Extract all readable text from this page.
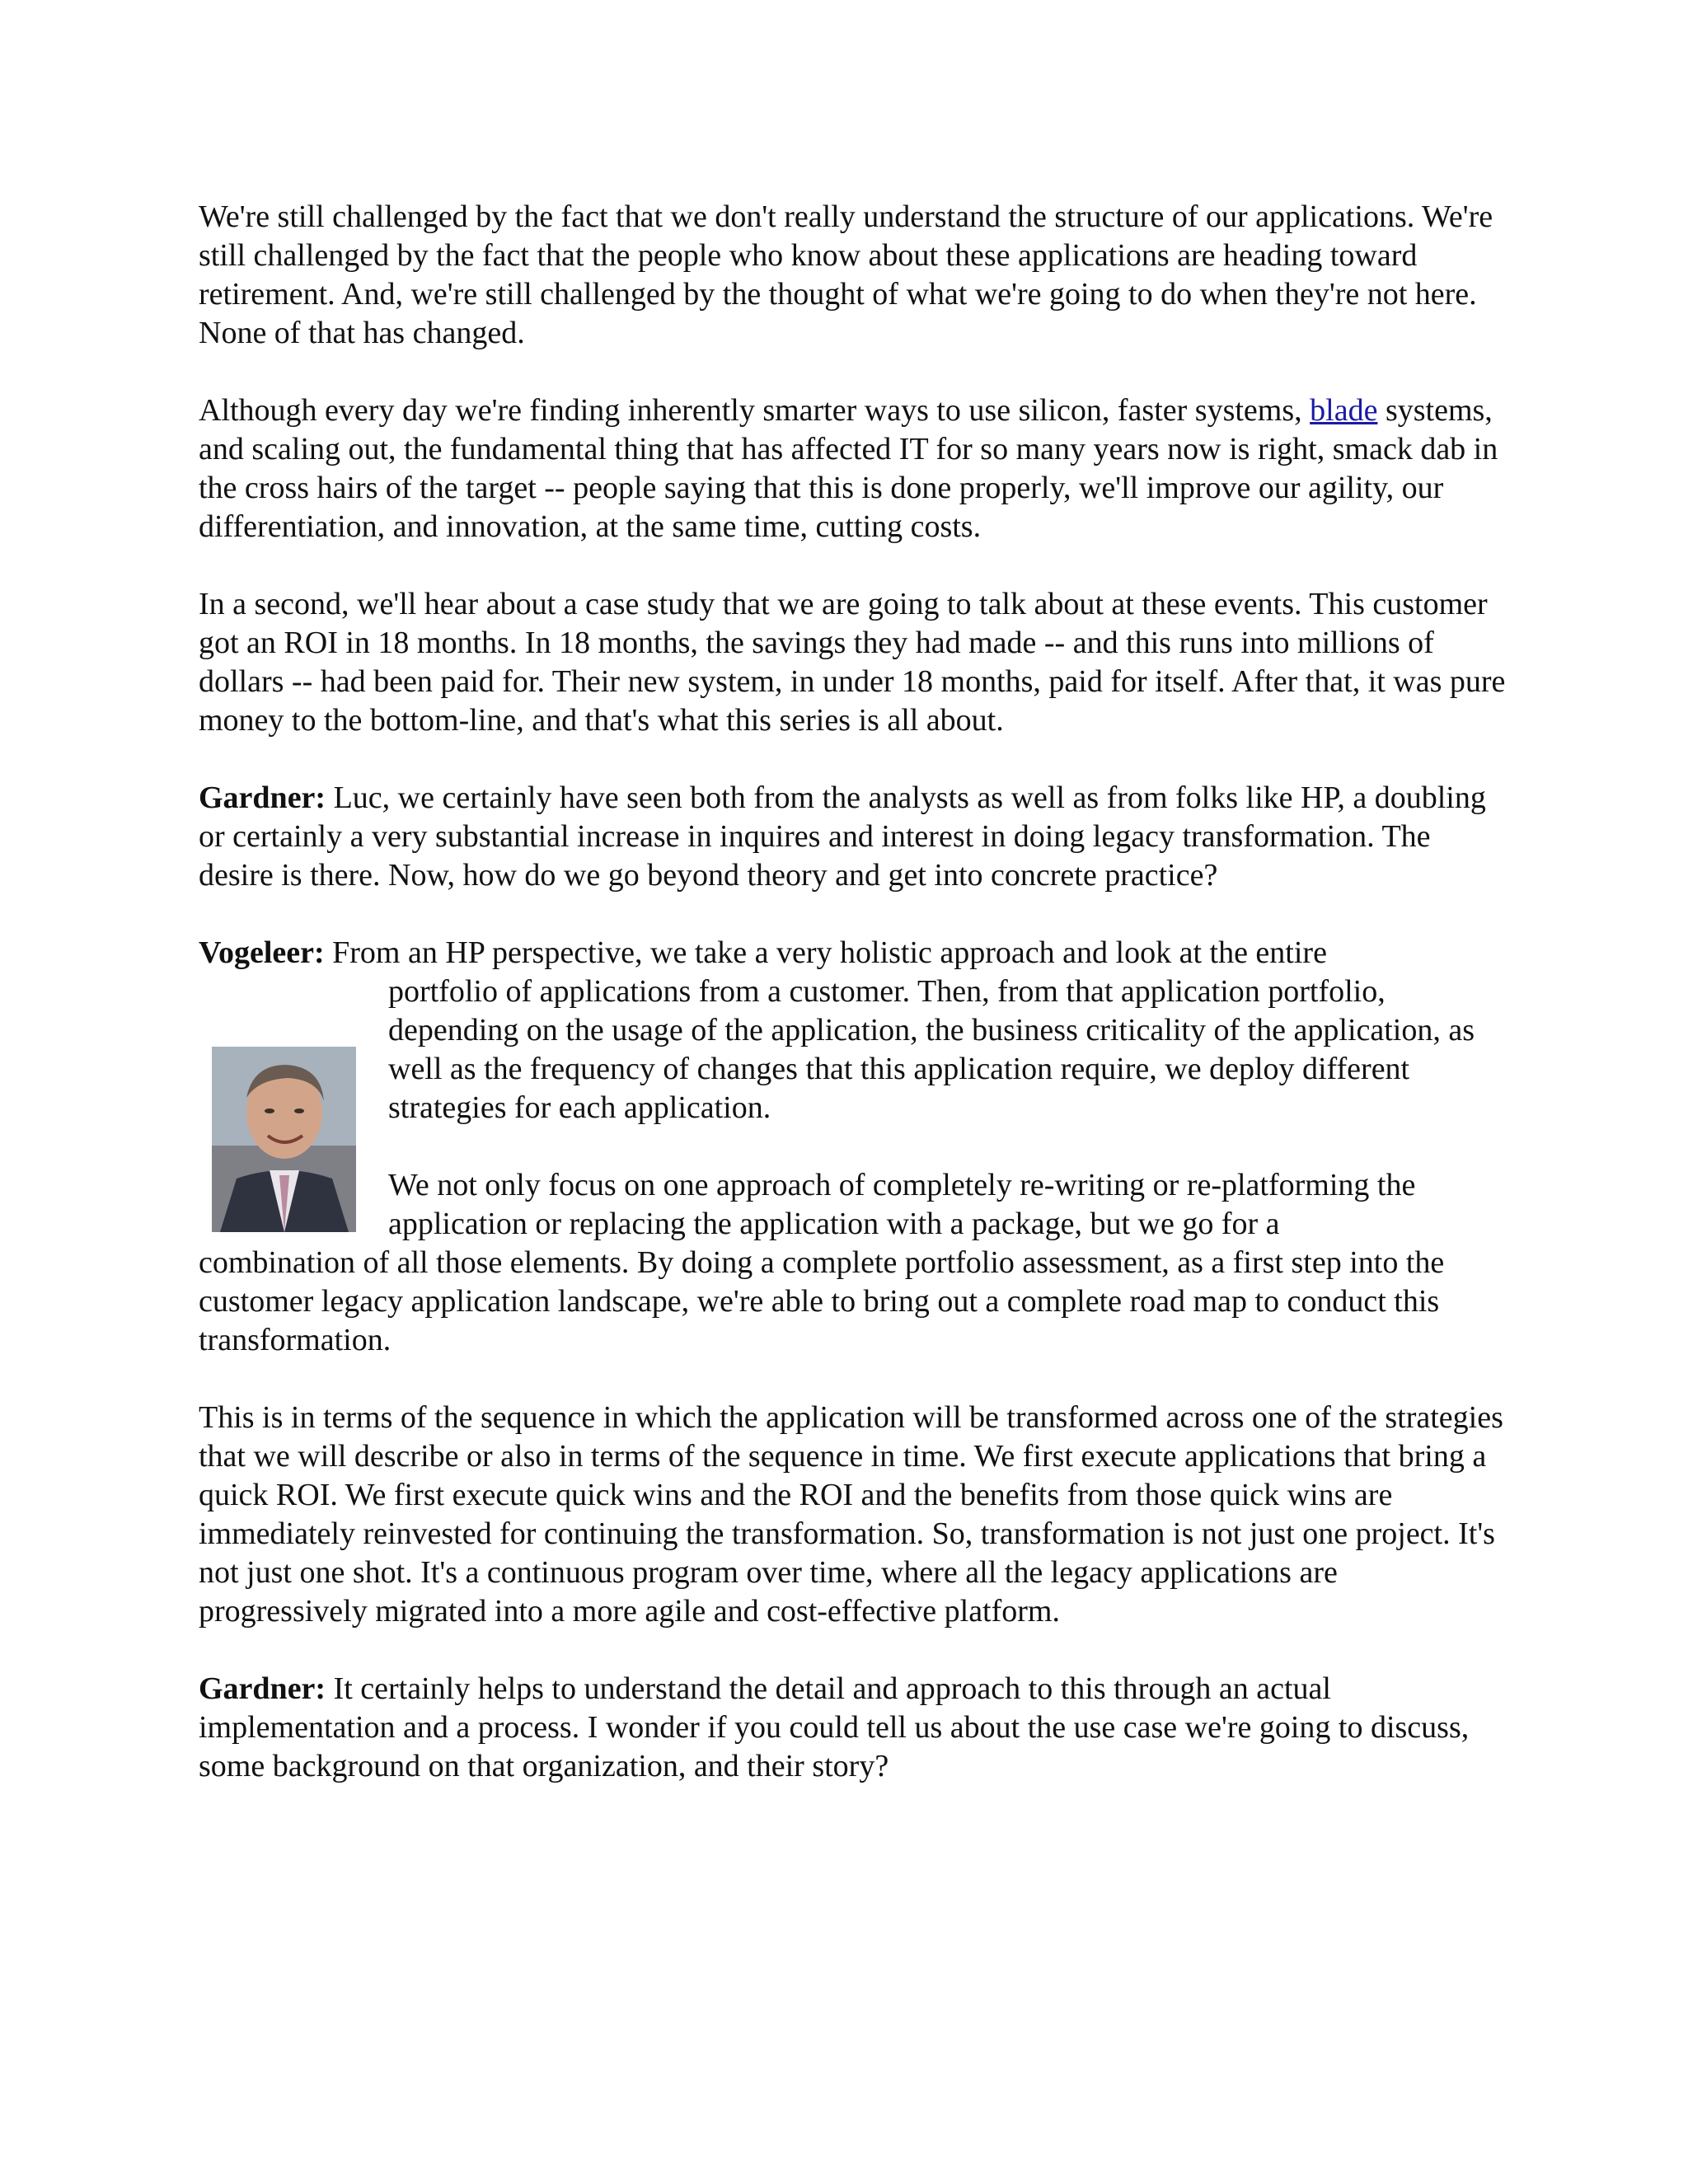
We're still challenged by the fact that we don't really understand the structure of our applications. We're still challenged by the fact that the people who know about these applications are heading toward retirement. And, we're still challenged by the thought of what we're going to do when they're not here. None of that has changed.

Although every day we're finding inherently smarter ways to use silicon, faster systems, blade systems, and scaling out, the fundamental thing that has affected IT for so many years now is right, smack dab in the cross hairs of the target -- people saying that this is done properly, we'll improve our agility, our differentiation, and innovation, at the same time, cutting costs.

In a second, we'll hear about a case study that we are going to talk about at these events. This customer got an ROI in 18 months. In 18 months, the savings they had made -- and this runs into millions of dollars -- had been paid for. Their new system, in under 18 months, paid for itself. After that, it was pure money to the bottom-line, and that's what this series is all about.

Gardner: Luc, we certainly have seen both from the analysts as well as from folks like HP, a doubling or certainly a very substantial increase in inquires and interest in doing legacy transformation. The desire is there. Now, how do we go beyond theory and get into concrete practice?

Vogeleer: From an HP perspective, we take a very holistic approach and look at the entire
portfolio of applications from a customer. Then, from that application portfolio, depending on the usage of the application, the business criticality of the application, as well as the frequency of changes that this application require, we deploy different strategies for each application.

We not only focus on one approach of completely re-writing or re-platforming the application or replacing the application with a package, but we go for a
combination of all those elements. By doing a complete portfolio assessment, as a first step into the customer legacy application landscape, we're able to bring out a complete road map to conduct this transformation.

This is in terms of the sequence in which the application will be transformed across one of the strategies that we will describe or also in terms of the sequence in time. We first execute applications that bring a quick ROI. We first execute quick wins and the ROI and the benefits from those quick wins are immediately reinvested for continuing the transformation. So, transformation is not just one project. It's not just one shot. It's a continuous program over time, where all the legacy applications are progressively migrated into a more agile and cost-effective platform.

Gardner: It certainly helps to understand the detail and approach to this through an actual implementation and a process. I wonder if you could tell us about the use case we're going to discuss, some background on that organization, and their story?
